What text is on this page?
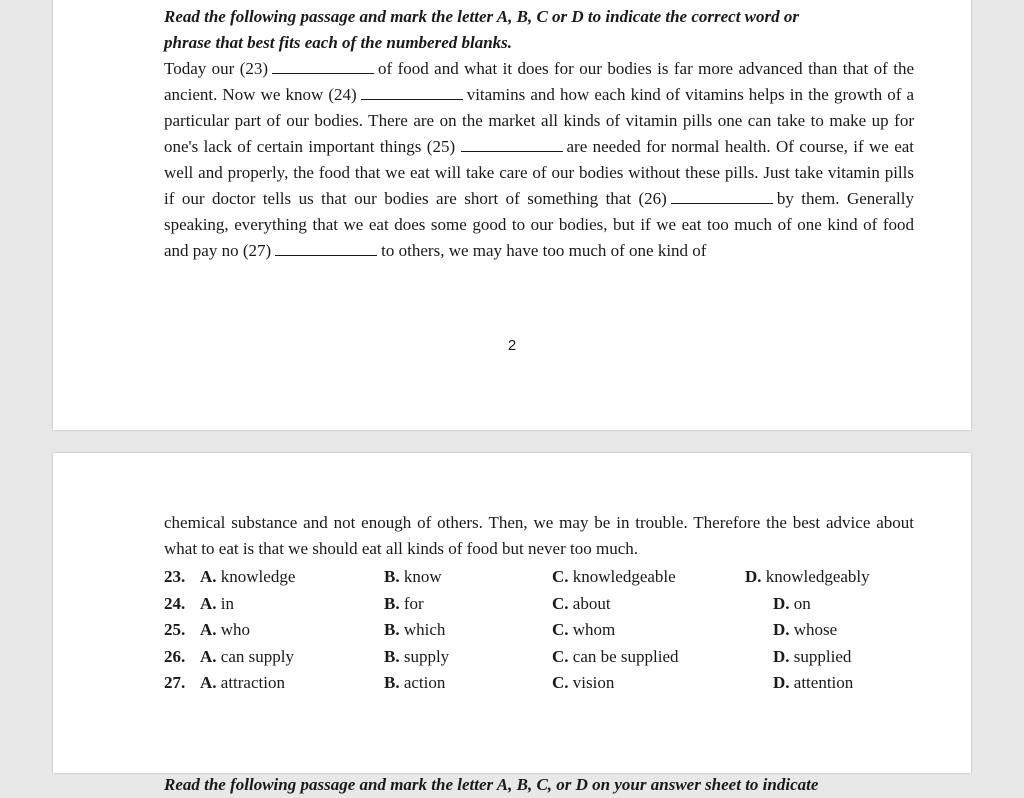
Read the following passage and mark the letter A, B, C or D to indicate the correct word or
phrase that best fits each of the numbered blanks.

Today our (23)	of food and what it does for our bodies is far more advanced than that of the ancient. Now we know (24)	vitamins and how each kind of vitamins helps in the growth of a particular part of our bodies. There are on the market all kinds of vitamin pills one can take to make up for one's lack of certain important things (25)	are needed for normal health. Of course, if we eat well and properly, the food that we eat will take care of our bodies without these pills. Just take vitamin pills if our doctor tells us that our bodies are short of something that (26)	by them. Generally speaking, everything that we eat does some good to our bodies, but if we eat too much of one kind of food and pay no (27)	to others, we may have too much of one kind of

2

chemical substance and not enough of others. Then, we may be in trouble. Therefore the best advice about what to eat is that we should eat all kinds of food but never too much.

23. A. knowledge	B. know	C. knowledgeable	D. knowledgeably
24. A. in	B. for	C. about	D. on
25. A. who	B. which	C. whom	D. whose
26. A. can supply	B. supply	C. can be supplied	D. supplied
27. A. attraction	B. action	C. vision	D. attention

Read the following passage and mark the letter A, B, C, or D on your answer sheet to indicate
